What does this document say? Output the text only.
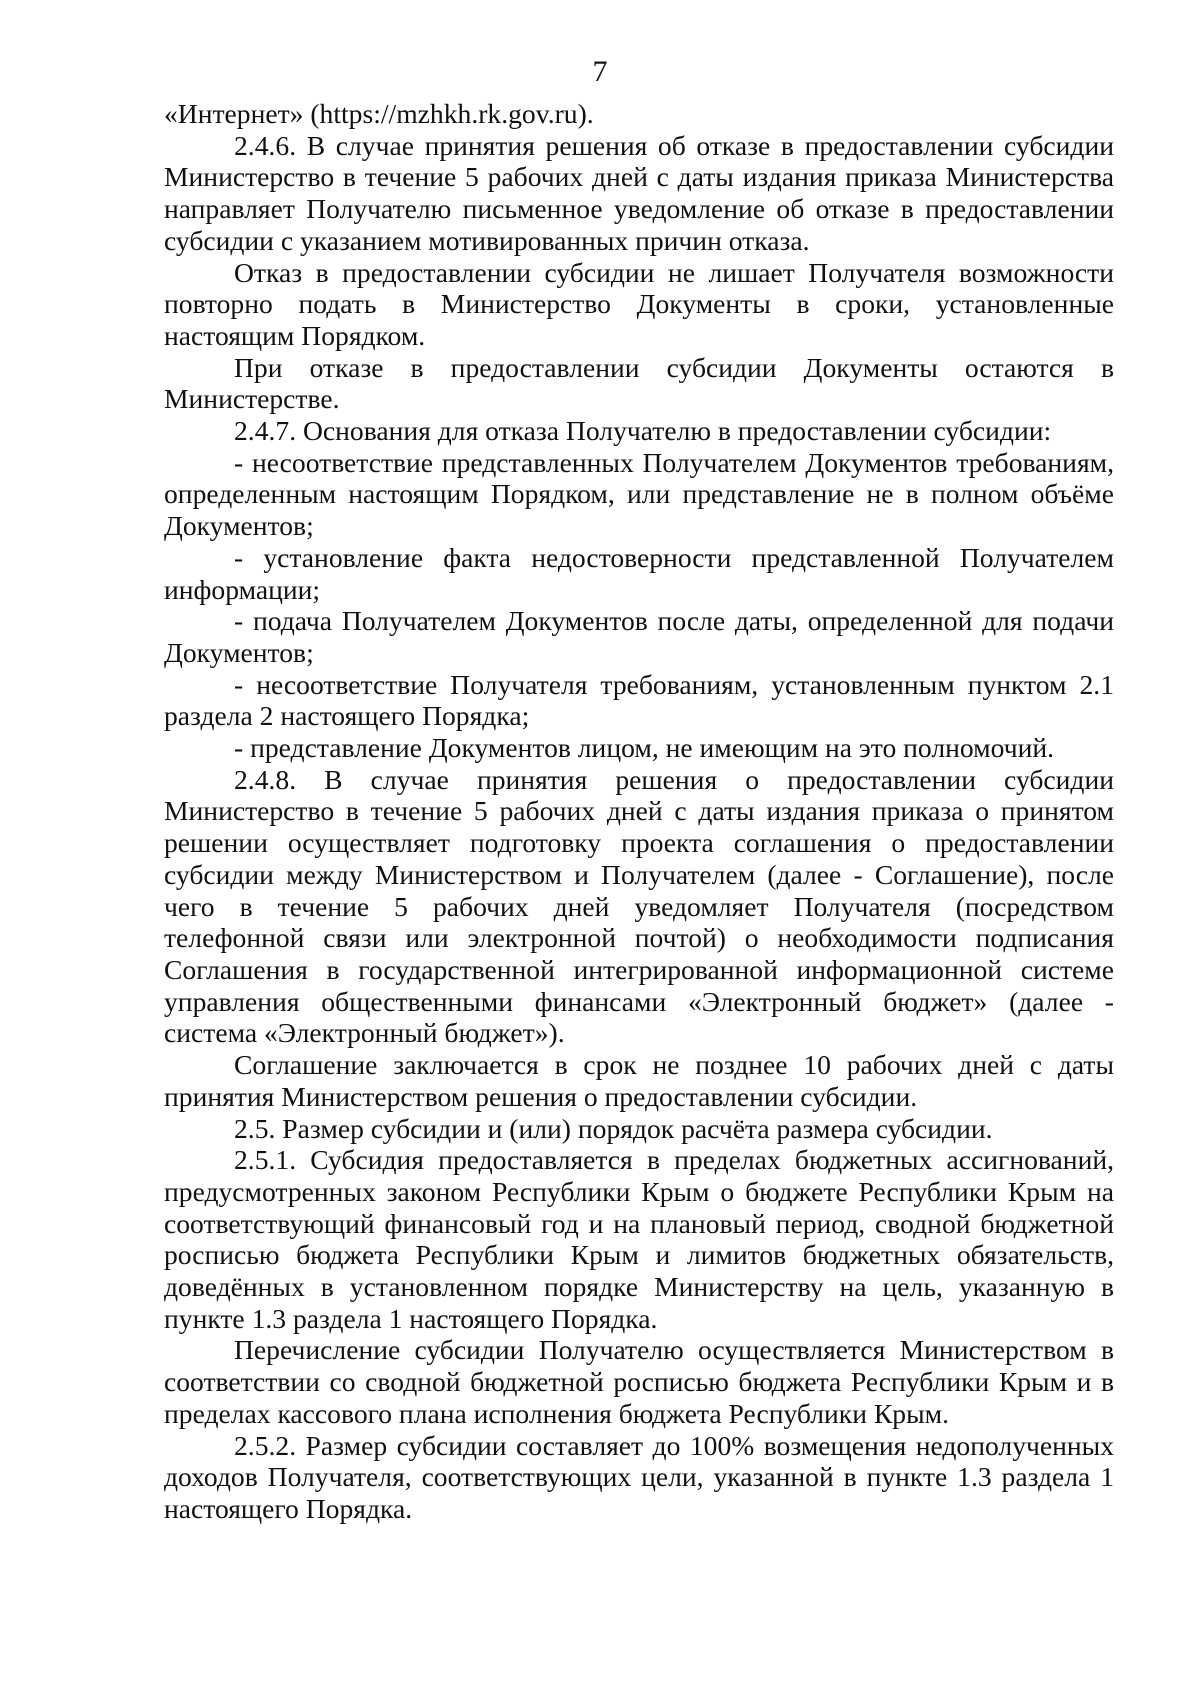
7

«Интернет» (https://mzhkh.rk.gov.ru).

2.4.6. В случае принятия решения об отказе в предоставлении субсидии Министерство в течение 5 рабочих дней с даты издания приказа Министерства направляет Получателю письменное уведомление об отказе в предоставлении субсидии с указанием мотивированных причин отказа.

Отказ в предоставлении субсидии не лишает Получателя возможности повторно подать в Министерство Документы в сроки, установленные настоящим Порядком.

При отказе в предоставлении субсидии Документы остаются в Министерстве.

2.4.7. Основания для отказа Получателю в предоставлении субсидии:

- несоответствие представленных Получателем Документов требованиям, определенным настоящим Порядком, или представление не в полном объёме Документов;

- установление факта недостоверности представленной Получателем информации;

- подача Получателем Документов после даты, определенной для подачи Документов;

- несоответствие Получателя требованиям, установленным пунктом 2.1 раздела 2 настоящего Порядка;

- представление Документов лицом, не имеющим на это полномочий.

2.4.8. В случае принятия решения о предоставлении субсидии Министерство в течение 5 рабочих дней с даты издания приказа о принятом решении осуществляет подготовку проекта соглашения о предоставлении субсидии между Министерством и Получателем (далее - Соглашение), после чего в течение 5 рабочих дней уведомляет Получателя (посредством телефонной связи или электронной почтой) о необходимости подписания Соглашения в государственной интегрированной информационной системе управления общественными финансами «Электронный бюджет» (далее - система «Электронный бюджет»).

Соглашение заключается в срок не позднее 10 рабочих дней с даты принятия Министерством решения о предоставлении субсидии.

2.5. Размер субсидии и (или) порядок расчёта размера субсидии.

2.5.1. Субсидия предоставляется в пределах бюджетных ассигнований, предусмотренных законом Республики Крым о бюджете Республики Крым на соответствующий финансовый год и на плановый период, сводной бюджетной росписью бюджета Республики Крым и лимитов бюджетных обязательств, доведённых в установленном порядке Министерству на цель, указанную в пункте 1.3 раздела 1 настоящего Порядка.

Перечисление субсидии Получателю осуществляется Министерством в соответствии со сводной бюджетной росписью бюджета Республики Крым и в пределах кассового плана исполнения бюджета Республики Крым.

2.5.2. Размер субсидии составляет до 100% возмещения недополученных доходов Получателя, соответствующих цели, указанной в пункте 1.3 раздела 1 настоящего Порядка.
